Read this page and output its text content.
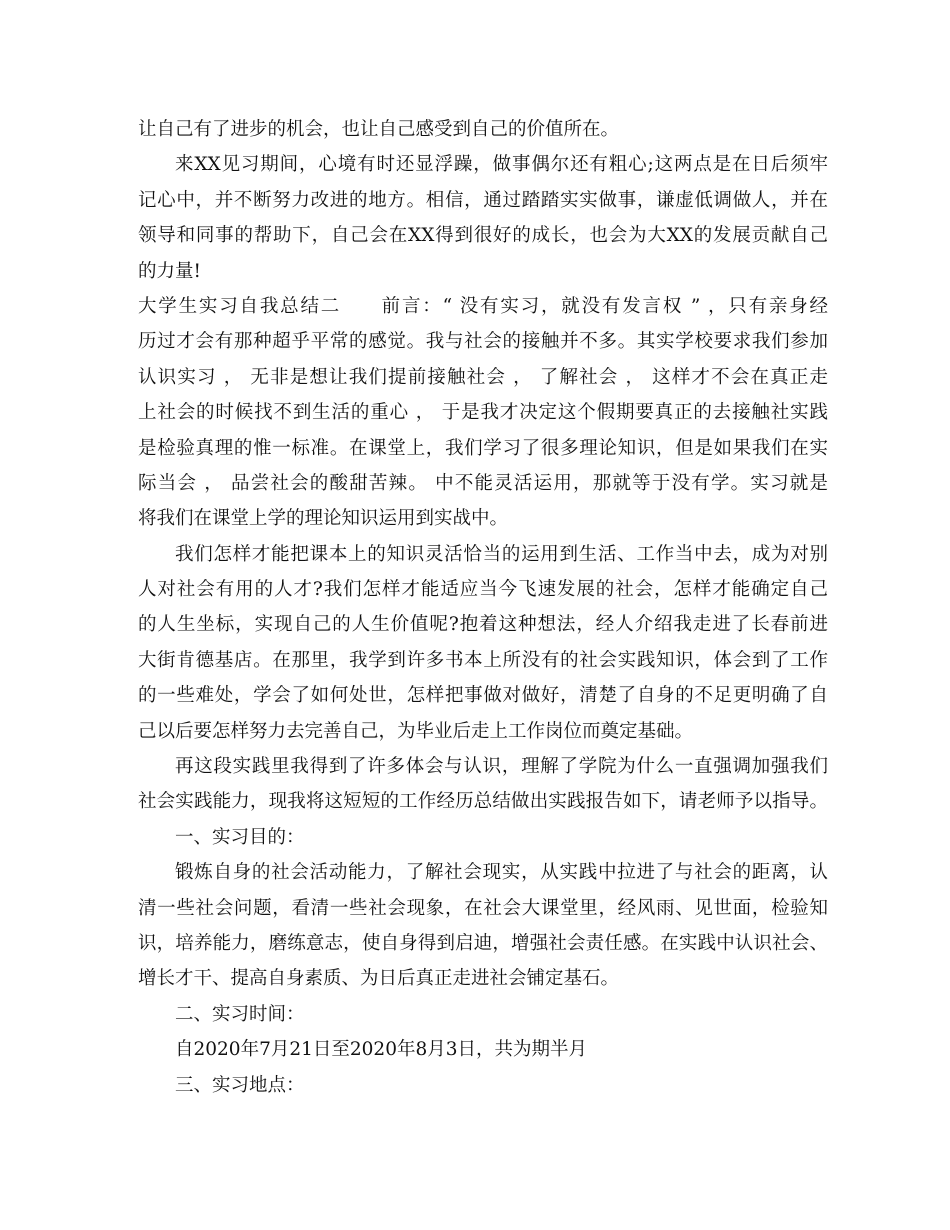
让自己有了进步的机会，也让自己感受到自己的价值所在。
来XX见习期间，心境有时还显浮躁，做事偶尔还有粗心;这两点是在日后须牢
记心中，并不断努力改进的地方。相信，通过踏踏实实做事，谦虚低调做人，并在
领导和同事的帮助下，自己会在XX得到很好的成长，也会为大XX的发展贡献自己
的力量!
大学生实习自我总结二　　前言：“ 没有实习，就没有发言权 ” ，只有亲身经
历过才会有那种超乎平常的感觉。我与社会的接触并不多。其实学校要求我们参加
认识实习 ， 无非是想让我们提前接触社会 ， 了解社会 ， 这样才不会在真正走
上社会的时候找不到生活的重心 ， 于是我才决定这个假期要真正的去接触社实践
是检验真理的惟一标准。在课堂上，我们学习了很多理论知识，但是如果我们在实
际当会 ， 品尝社会的酸甜苦辣。 中不能灵活运用，那就等于没有学。实习就是
将我们在课堂上学的理论知识运用到实战中。
我们怎样才能把课本上的知识灵活恰当的运用到生活、工作当中去，成为对别
人对社会有用的人才?我们怎样才能适应当今飞速发展的社会，怎样才能确定自己
的人生坐标，实现自己的人生价值呢?抱着这种想法，经人介绍我走进了长春前进
大街肯德基店。在那里，我学到许多书本上所没有的社会实践知识，体会到了工作
的一些难处，学会了如何处世，怎样把事做对做好，清楚了自身的不足更明确了自
己以后要怎样努力去完善自己，为毕业后走上工作岗位而奠定基础。
再这段实践里我得到了许多体会与认识，理解了学院为什么一直强调加强我们
社会实践能力，现我将这短短的工作经历总结做出实践报告如下，请老师予以指导。
一、实习目的：
锻炼自身的社会活动能力，了解社会现实，从实践中拉进了与社会的距离，认
清一些社会问题，看清一些社会现象，在社会大课堂里，经风雨、见世面，检验知
识，培养能力，磨练意志，使自身得到启迪，增强社会责任感。在实践中认识社会、
增长才干、提高自身素质、为日后真正走进社会铺定基石。
二、实习时间：
自2020年7月21日至2020年8月3日，共为期半月
三、实习地点：
